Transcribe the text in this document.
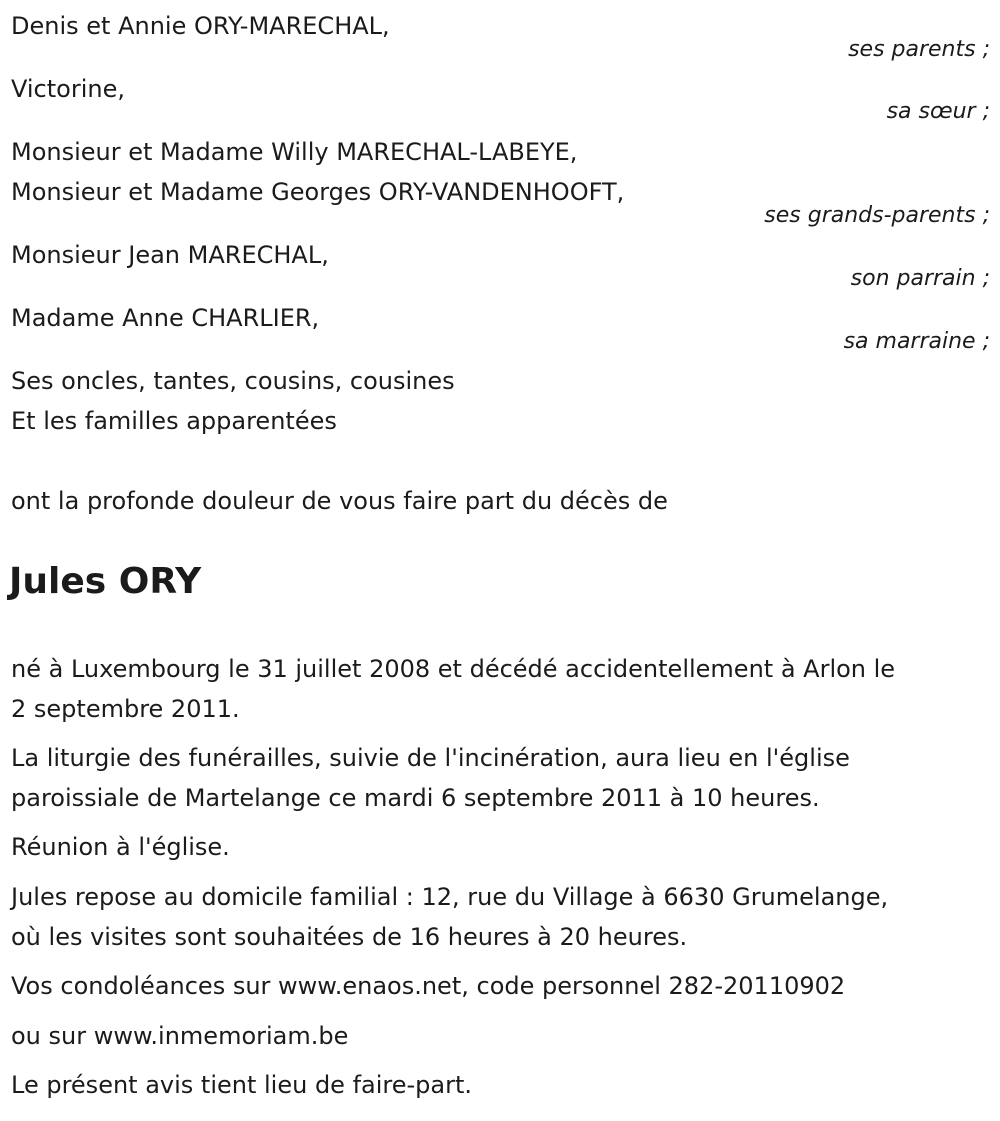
Denis et Annie ORY-MARECHAL,
ses parents ;
Victorine,
sa sœur ;
Monsieur et Madame Willy MARECHAL-LABEYE,
Monsieur et Madame Georges ORY-VANDENHOOFT,
ses grands-parents ;
Monsieur Jean MARECHAL,
son parrain ;
Madame Anne CHARLIER,
sa marraine ;
Ses oncles, tantes, cousins, cousines
Et les familles apparentées
ont la profonde douleur de vous faire part du décès de
Jules ORY
né à Luxembourg le 31 juillet 2008 et décédé accidentellement à Arlon le
2 septembre 2011.
La liturgie des funérailles, suivie de l'incinération, aura lieu en l'église
paroissiale de Martelange ce mardi 6 septembre 2011 à 10 heures.
Réunion à l'église.
Jules repose au domicile familial : 12, rue du Village à 6630 Grumelange,
où les visites sont souhaitées de 16 heures à 20 heures.
Vos condoléances sur www.enaos.net, code personnel 282-20110902
ou sur www.inmemoriam.be
Le présent avis tient lieu de faire-part.
